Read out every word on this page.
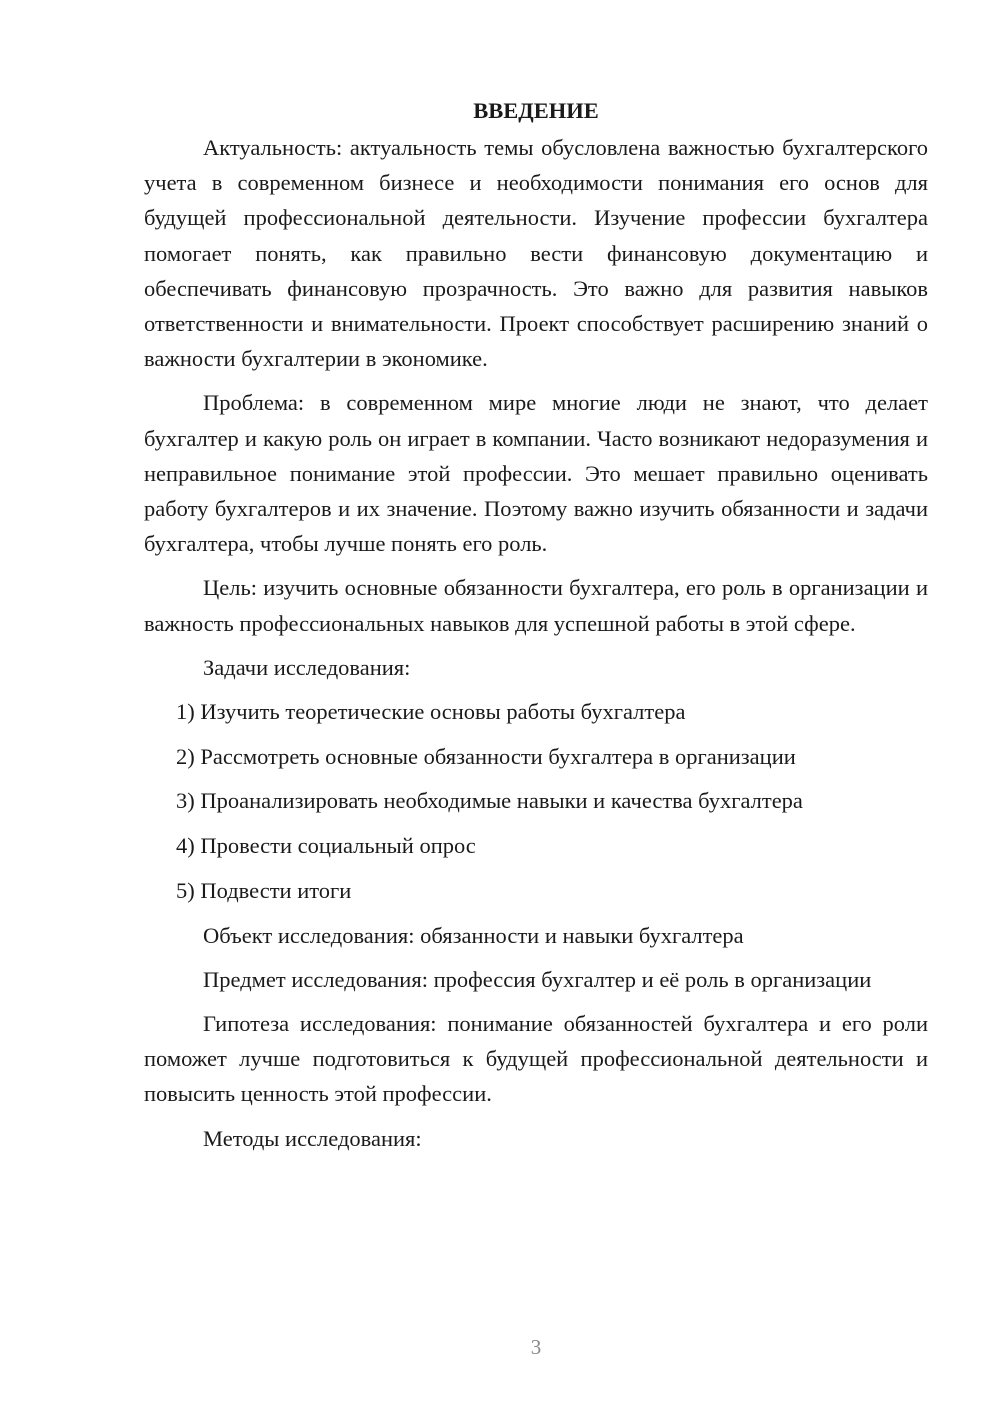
ВВЕДЕНИЕ

Актуальность: актуальность темы обусловлена важностью бухгалтерского учета в современном бизнесе и необходимости понимания его основ для будущей профессиональной деятельности. Изучение профессии бухгалтера помогает понять, как правильно вести финансовую документацию и обеспечивать финансовую прозрачность. Это важно для развития навыков ответственности и внимательности. Проект способствует расширению знаний о важности бухгалтерии в экономике.

Проблема: в современном мире многие люди не знают, что делает бухгалтер и какую роль он играет в компании. Часто возникают недоразумения и неправильное понимание этой профессии. Это мешает правильно оценивать работу бухгалтеров и их значение. Поэтому важно изучить обязанности и задачи бухгалтера, чтобы лучше понять его роль.

Цель: изучить основные обязанности бухгалтера, его роль в организации и важность профессиональных навыков для успешной работы в этой сфере.

Задачи исследования:

1) Изучить теоретические основы работы бухгалтера
2) Рассмотреть основные обязанности бухгалтера в организации
3) Проанализировать необходимые навыки и качества бухгалтера
4) Провести социальный опрос
5) Подвести итоги

Объект исследования: обязанности и навыки бухгалтера

Предмет исследования: профессия бухгалтер и её роль в организации

Гипотеза исследования: понимание обязанностей бухгалтера и его роли поможет лучше подготовиться к будущей профессиональной деятельности и повысить ценность этой профессии.

Методы исследования:

3
